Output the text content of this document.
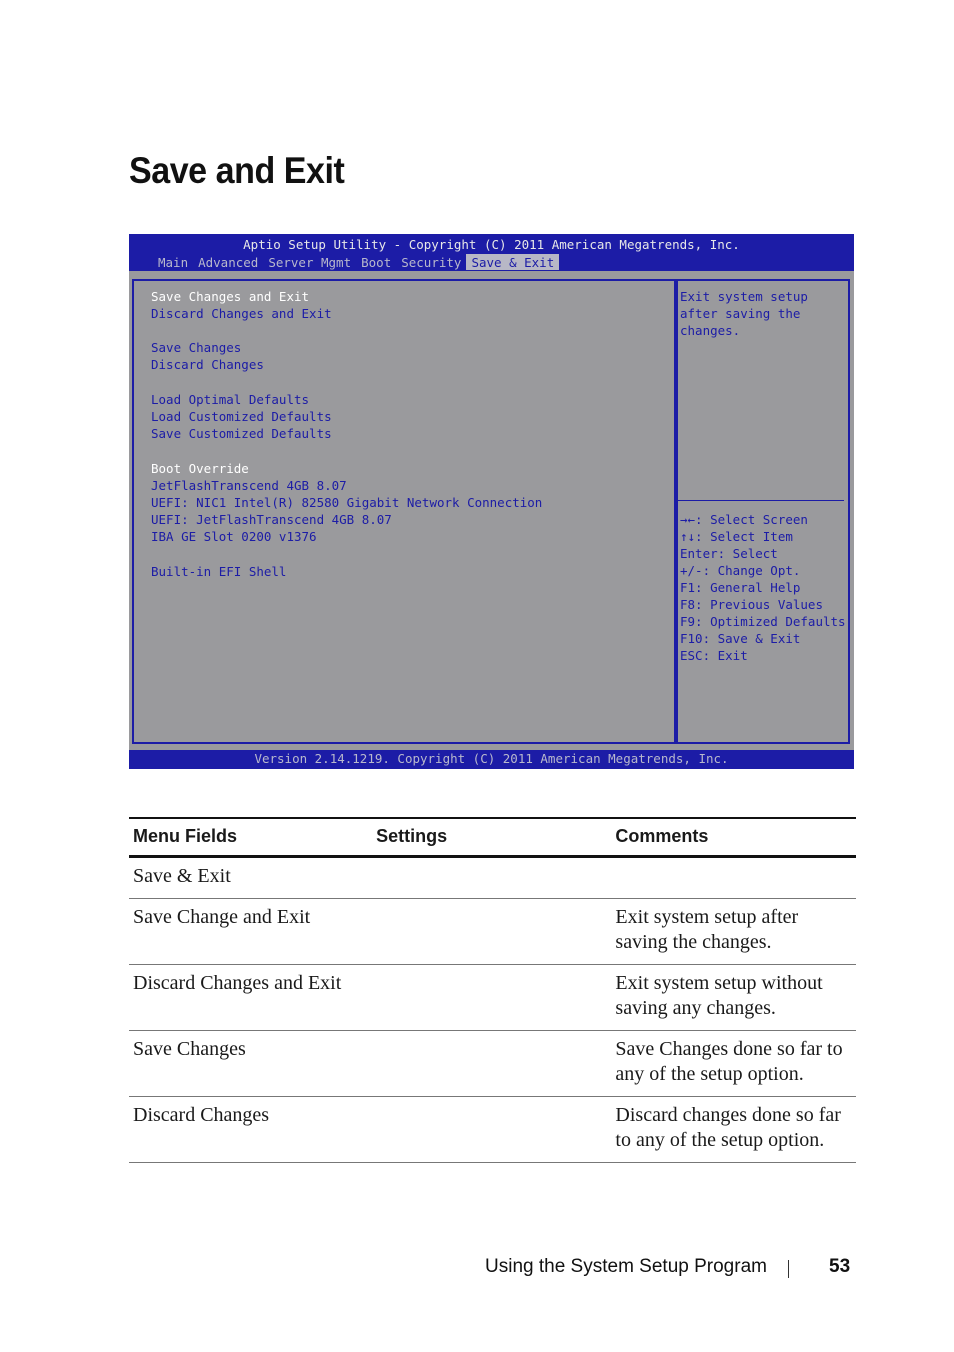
Save and Exit
Aptio Setup Utility - Copyright (C) 2011 American Megatrends, Inc.
Main Advanced Server Mgmt Boot Security Save & Exit
Save Changes and Exit
Discard Changes and Exit
Save Changes
Discard Changes
Load Optimal Defaults
Load Customized Defaults
Save Customized Defaults
Boot Override
JetFlashTranscend 4GB 8.07
UEFI: NIC1 Intel(R) 82580 Gigabit Network Connection
UEFI: JetFlashTranscend 4GB 8.07
IBA GE Slot 0200 v1376
Built-in EFI Shell
Exit system setup
after saving the
changes.
→←: Select Screen
↑↓: Select Item
Enter: Select
+/-: Change Opt.
F1: General Help
F8: Previous Values
F9: Optimized Defaults
F10: Save & Exit
ESC: Exit
Version 2.14.1219. Copyright (C) 2011 American Megatrends, Inc.
Menu Fields	Settings	Comments
Save & Exit		
Save Change and Exit		Exit system setup after saving the changes.
Discard Changes and Exit		Exit system setup without saving any changes.
Save Changes		Save Changes done so far to any of the setup option.
Discard Changes		Discard changes done so far to any of the setup option.
Using the System Setup Program	53
